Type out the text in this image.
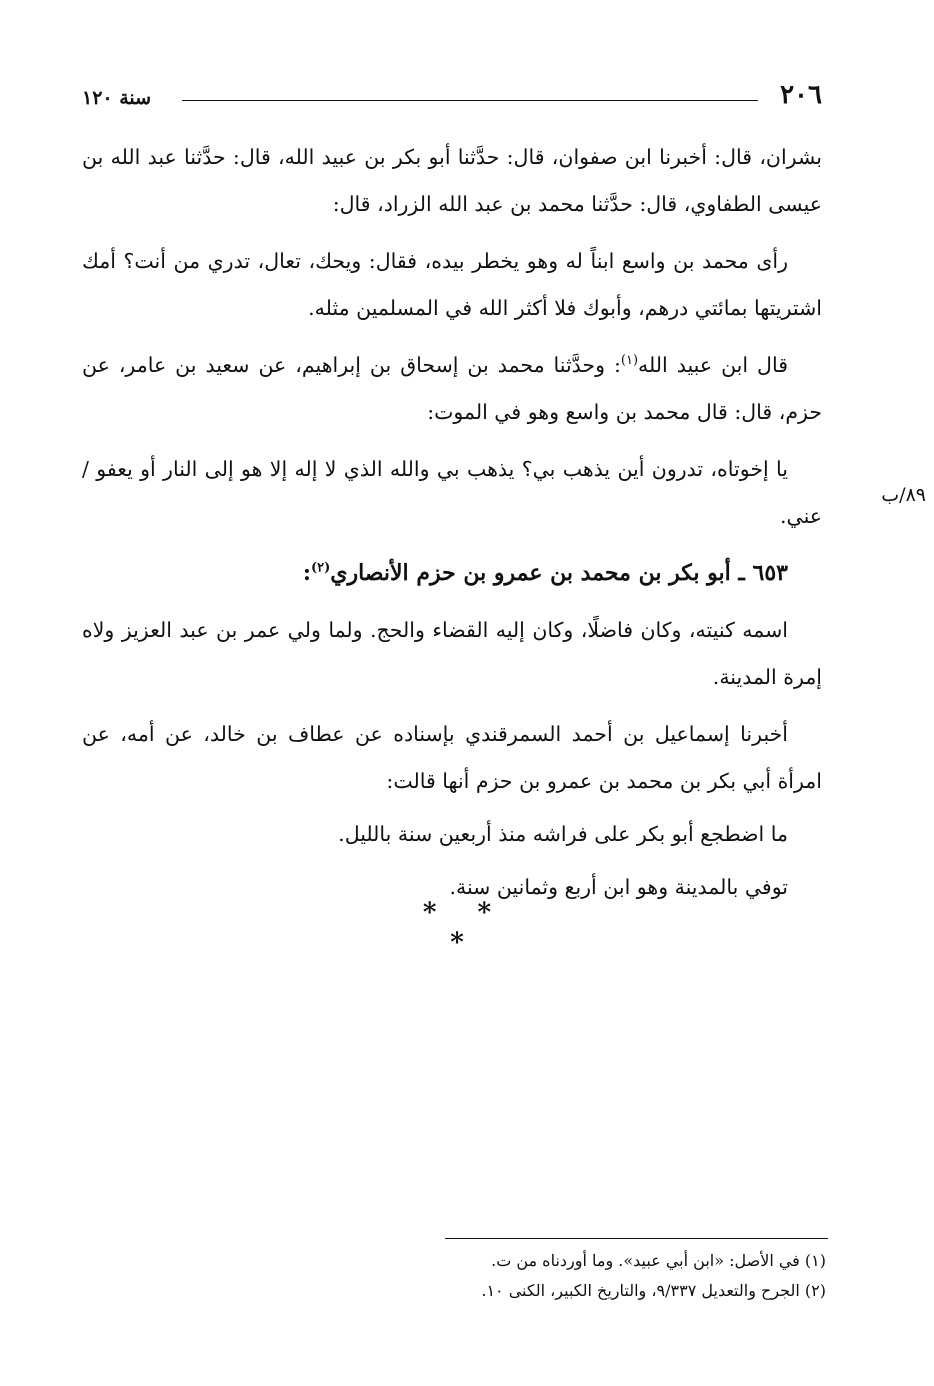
٢٠٦
سنة ١٢٠

بشران، قال: أخبرنا ابن صفوان، قال: حدَّثنا أبو بكر بن عبيد الله، قال: حدَّثنا عبد الله بن عيسى الطفاوي، قال: حدَّثنا محمد بن عبد الله الزراد، قال:

رأى محمد بن واسع ابناً له وهو يخطر بيده، فقال: ويحك، تعال، تدري من أنت؟ أمك اشتريتها بمائتي درهم، وأبوك فلا أكثر الله في المسلمين مثله.

قال ابن عبيد الله$^{(١)}$: وحدَّثنا محمد بن إسحاق بن إبراهيم، عن سعيد بن عامر، عن حزم، قال: قال محمد بن واسع وهو في الموت:

يا إخوتاه، تدرون أين يذهب بي؟ يذهب بي والله الذي لا إله إلا هو إلى النار أو يعفو / عني.

٦٥٣ ـ أبو بكر بن محمد بن عمرو بن حزم الأنصاري$^{(٢)}$:

اسمه كنيته، وكان فاضلًا، وكان إليه القضاء والحج. ولما ولي عمر بن عبد العزيز ولاه إمرة المدينة.

أخبرنا إسماعيل بن أحمد السمرقندي بإسناده عن عطاف بن خالد، عن أمه، عن امرأة أبي بكر بن محمد بن عمرو بن حزم أنها قالت:

ما اضطجع أبو بكر على فراشه منذ أربعين سنة بالليل.

توفي بالمدينة وهو ابن أربع وثمانين سنة.

٨٩/ب
* * *

(١) في الأصل: «ابن أبي عبيد». وما أوردناه من ت.

(٢) الجرح والتعديل ٩/٣٣٧، والتاريخ الكبير، الكنى ١٠.
